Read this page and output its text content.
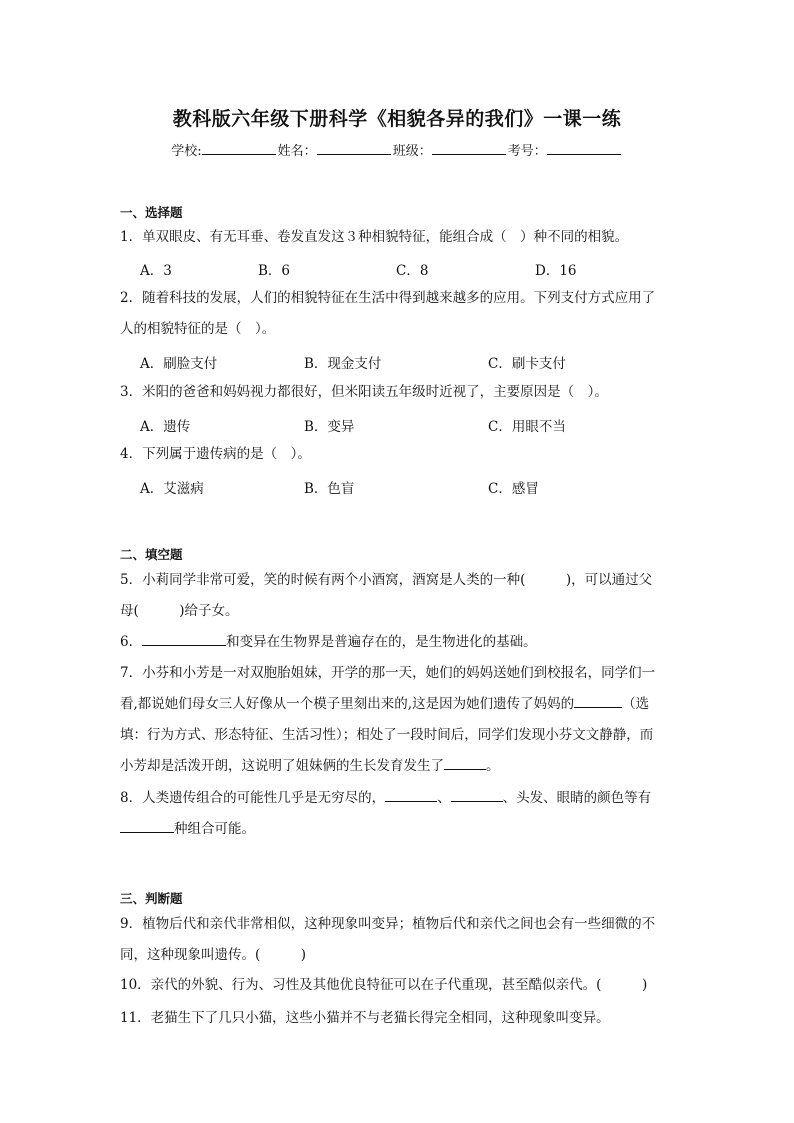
教科版六年级下册科学《相貌各异的我们》一课一练
学校:	姓名：	班级：	考号：
一、选择题
1．单双眼皮、有无耳垂、卷发直发这３种相貌特征，能组合成（　）种不同的相貌。
A．3	B．6	C．8	D．16
2．随着科技的发展，人们的相貌特征在生活中得到越来越多的应用。下列支付方式应用了
人的相貌特征的是（　）。
A．刷脸支付	B．现金支付	C．刷卡支付
3．米阳的爸爸和妈妈视力都很好，但米阳读五年级时近视了，主要原因是（　）。
A．遗传	B．变异	C．用眼不当
4．下列属于遗传病的是（　）。
A．艾滋病	B．色盲	C．感冒
二、填空题
5．小莉同学非常可爱，笑的时候有两个小酒窝，酒窝是人类的一种(　　　)，可以通过父
母(　　　)给子女。
6．	和变异在生物界是普遍存在的，是生物进化的基础。
7．小芬和小芳是一对双胞胎姐妹，开学的那一天，她们的妈妈送她们到校报名，同学们一
看,都说她们母女三人好像从一个模子里刻出来的,这是因为她们遗传了妈妈的	（选
填：行为方式、形态特征、生活习性）；相处了一段时间后，同学们发现小芬文文静静，而
小芳却是活泼开朗，这说明了姐妹俩的生长发育发生了	。
8．人类遗传组合的可能性几乎是无穷尽的，	、	、头发、眼睛的颜色等有
种组合可能。
三、判断题
9．植物后代和亲代非常相似，这种现象叫变异；植物后代和亲代之间也会有一些细微的不
同，这种现象叫遗传。(　　　)
10．亲代的外貌、行为、习性及其他优良特征可以在子代重现，甚至酷似亲代。(　　　)
11．老猫生下了几只小猫，这些小猫并不与老猫长得完全相同，这种现象叫变异。
